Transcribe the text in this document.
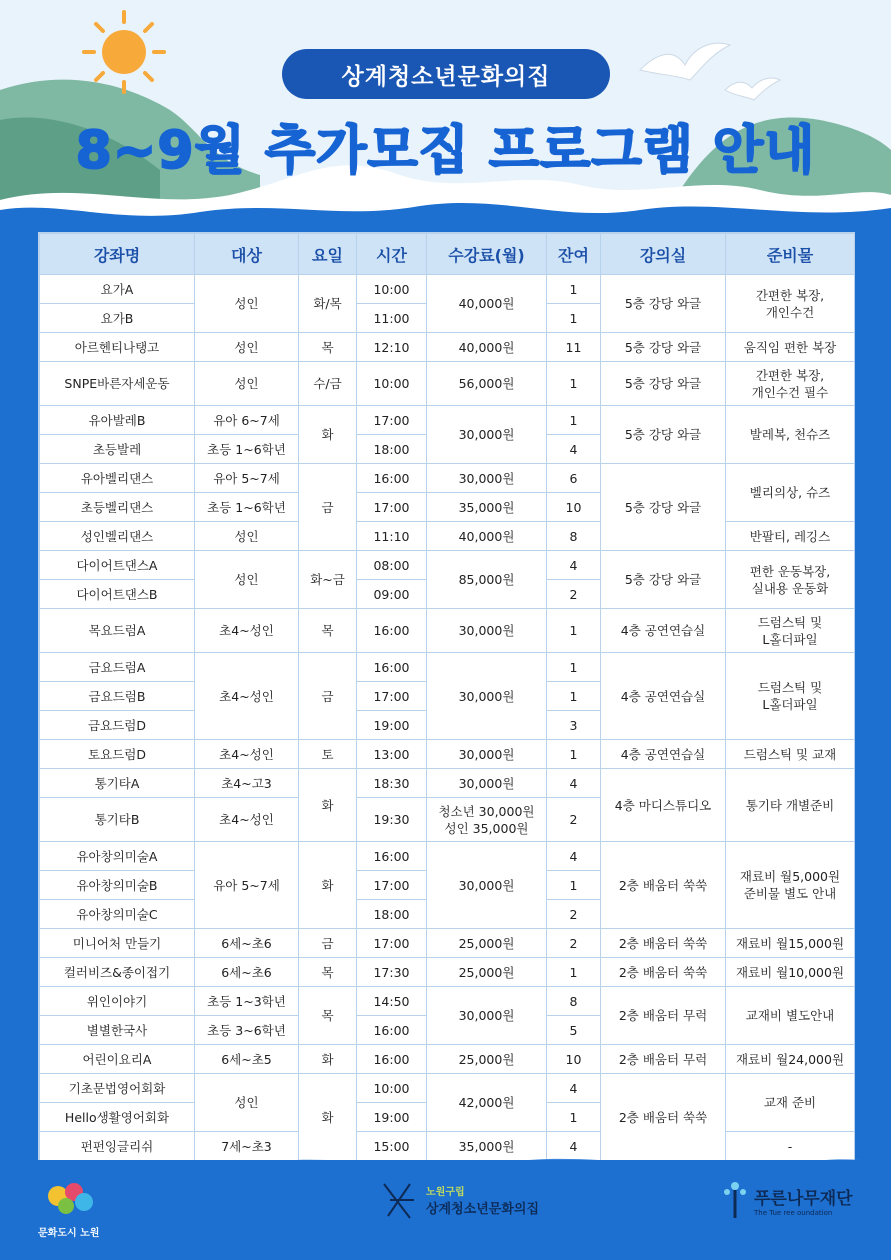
상계청소년문화의집
8~9월 추가모집 프로그램 안내
강좌명	대상	요일	시간	수강료(월)	잔여	강의실	준비물
요가A	성인	화/목	10:00	40,000원	1	5층 강당 와글	간편한 복장,
개인수건
요가B			11:00		1		
아르헨티나탱고	성인	목	12:10	40,000원	11	5층 강당 와글	움직임 편한 복장
SNPE바른자세운동	성인	수/금	10:00	56,000원	1	5층 강당 와글	간편한 복장,
개인수건 필수
유아발레B	유아 6~7세	화	17:00	30,000원	1	5층 강당 와글	발레복, 천슈즈
초등발레	초등 1~6학년		18:00		4		
유아벨리댄스	유아 5~7세	금	16:00	30,000원	6	5층 강당 와글	벨리의상, 슈즈
초등벨리댄스	초등 1~6학년		17:00	35,000원	10		
성인벨리댄스	성인		11:10	40,000원	8		반팔티, 레깅스
다이어트댄스A	성인	화~금	08:00	85,000원	4	5층 강당 와글	편한 운동복장,
실내용 운동화
다이어트댄스B			09:00		2		
목요드럼A	초4~성인	목	16:00	30,000원	1	4층 공연연습실	드럼스틱 및
L홀더파일
금요드럼A	초4~성인	금	16:00	30,000원	1	4층 공연연습실	드럼스틱 및
L홀더파일
금요드럼B			17:00		1		
금요드럼D			19:00		3		
토요드럼D	초4~성인	토	13:00	30,000원	1	4층 공연연습실	드럼스틱 및 교재
통기타A	초4~고3	화	18:30	30,000원	4	4층 마디스튜디오	통기타 개별준비
통기타B	초4~성인		19:30	청소년 30,000원
성인 35,000원	2		
유아창의미술A	유아 5~7세	화	16:00	30,000원	4	2층 배움터 쑥쑥	재료비 월5,000원
준비물 별도 안내
유아창의미술B			17:00		1		
유아창의미술C			18:00		2		
미니어처 만들기	6세~초6	금	17:00	25,000원	2	2층 배움터 쑥쑥	재료비 월15,000원
컬러비즈&종이접기	6세~초6	목	17:30	25,000원	1	2층 배움터 쑥쑥	재료비 월10,000원
위인이야기	초등 1~3학년	목	14:50	30,000원	8	2층 배움터 무럭	교재비 별도안내
별별한국사	초등 3~6학년		16:00		5		
어린이요리A	6세~초5	화	16:00	25,000원	10	2층 배움터 무럭	재료비 월24,000원
기초문법영어회화	성인	화	10:00	42,000원	4	2층 배움터 쑥쑥	교재 준비
Hello생활영어회화			19:00		1		
펀펀잉글리쉬	7세~초3		15:00	35,000원	4		-
문화도시 노원
노원구립
상계청소년문화의집
푸른나무재단
The Tue ree oundation
